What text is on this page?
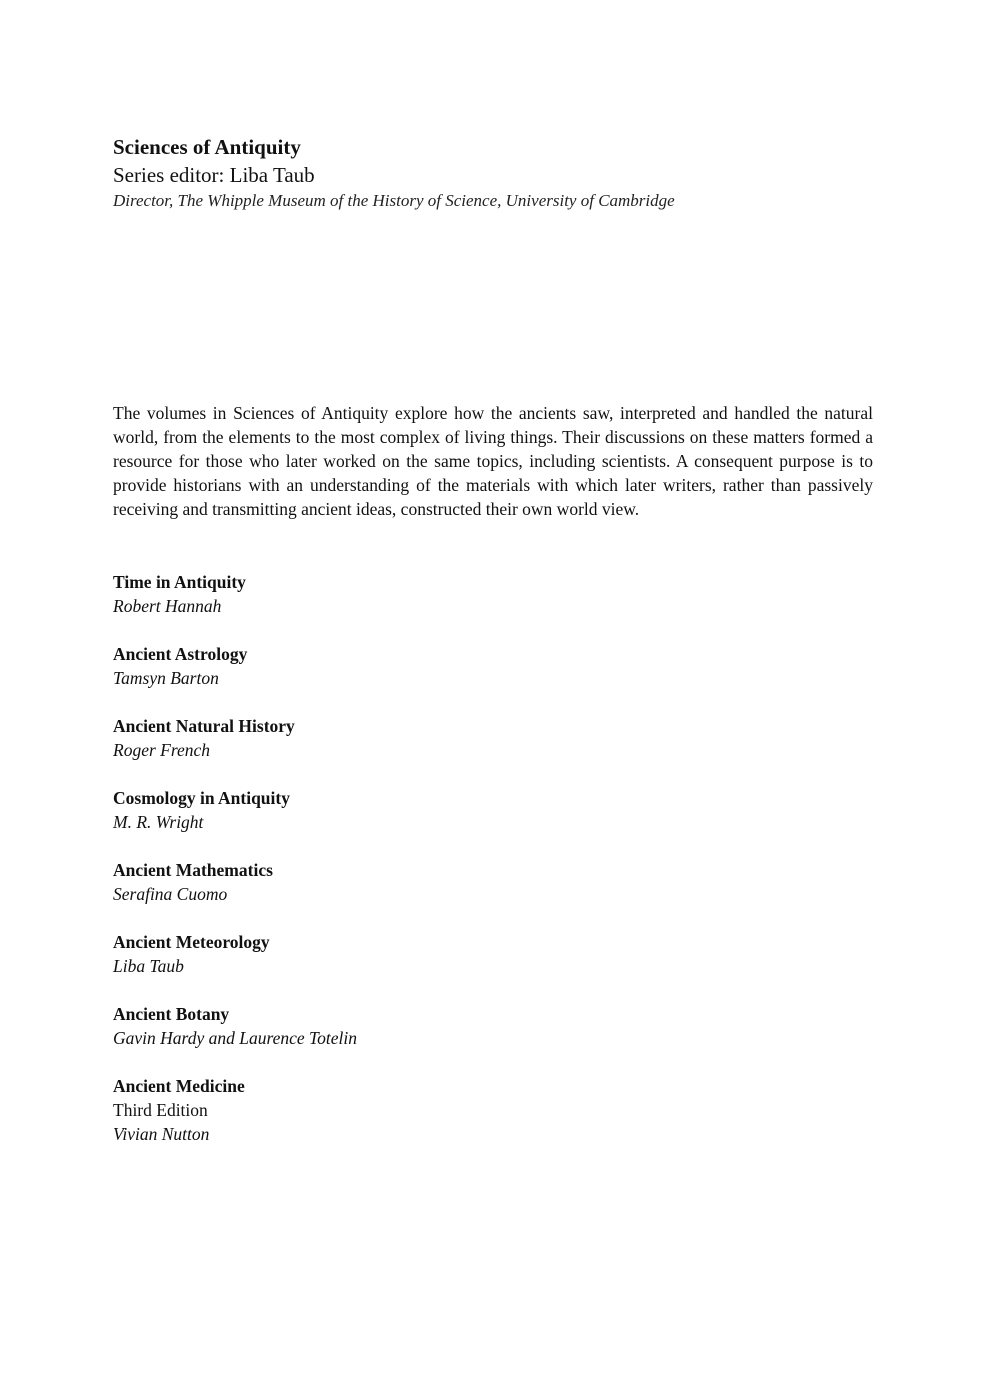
Sciences of Antiquity

Series editor: Liba Taub

Director, The Whipple Museum of the History of Science, University of Cambridge

The volumes in Sciences of Antiquity explore how the ancients saw, interpreted and handled the natural world, from the elements to the most complex of living things. Their discussions on these matters formed a resource for those who later worked on the same topics, including scientists. A consequent purpose is to provide historians with an understanding of the materials with which later writers, rather than passively receiving and transmitting ancient ideas, constructed their own world view.

Time in Antiquity
Robert Hannah
Ancient Astrology
Tamsyn Barton
Ancient Natural History
Roger French
Cosmology in Antiquity
M. R. Wright
Ancient Mathematics
Serafina Cuomo
Ancient Meteorology
Liba Taub
Ancient Botany
Gavin Hardy and Laurence Totelin
Ancient Medicine
Third Edition
Vivian Nutton
